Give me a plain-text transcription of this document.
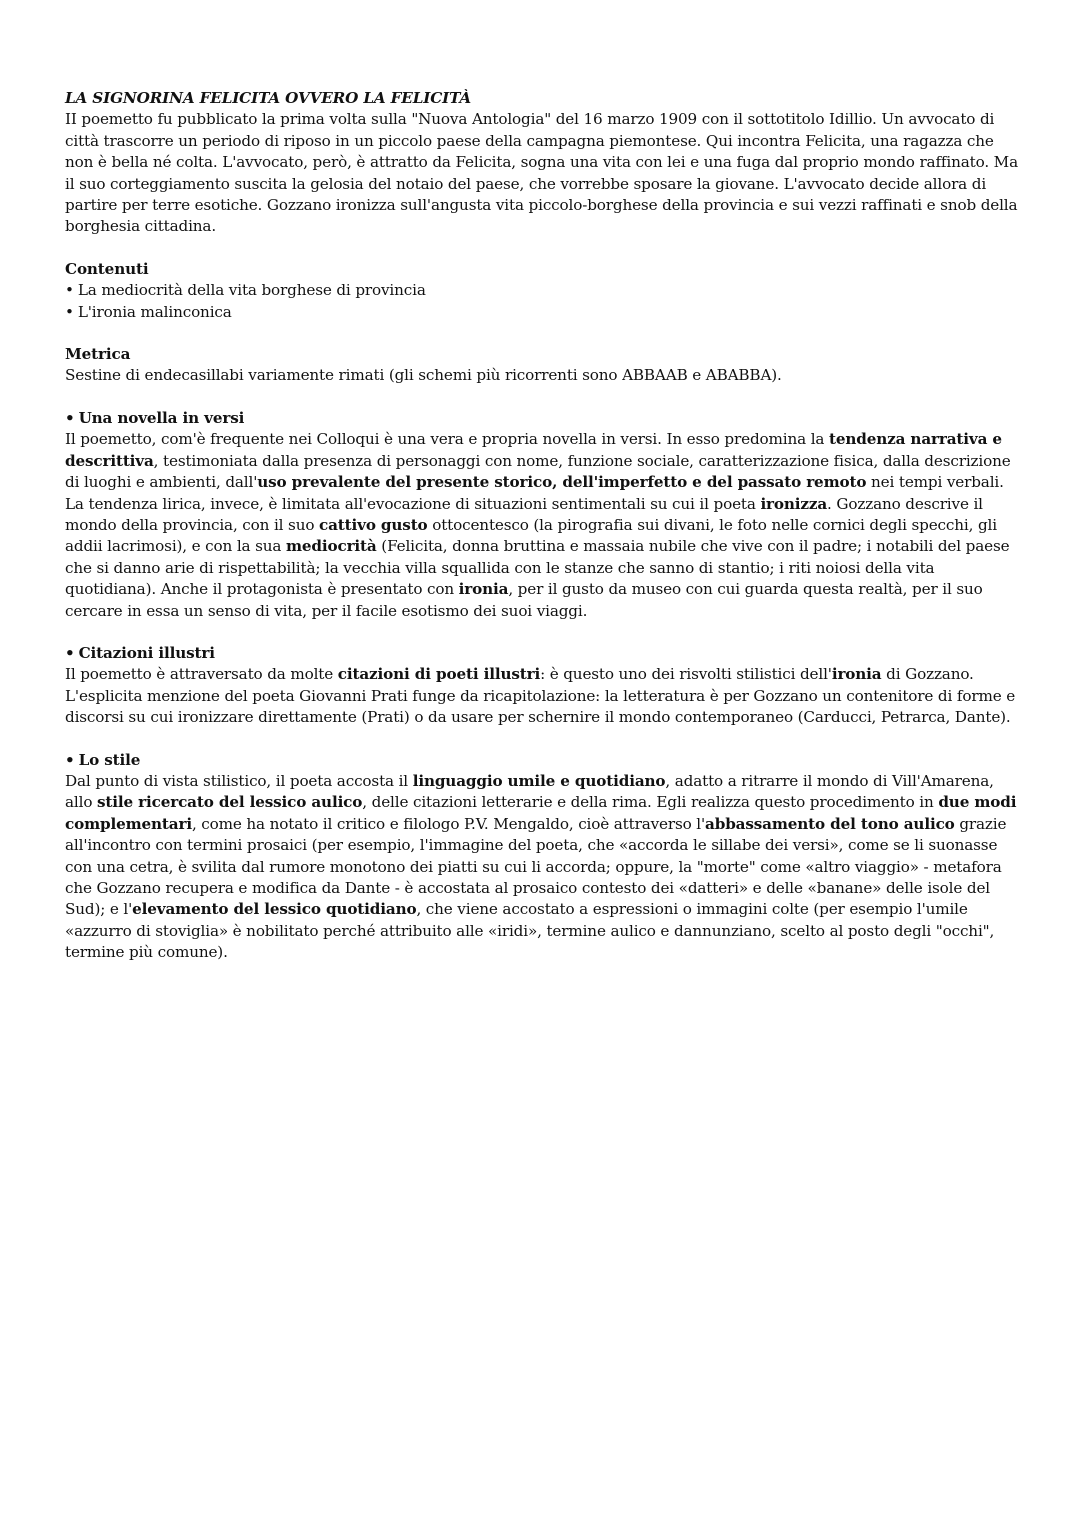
LA SIGNORINA FELICITA OVVERO LA FELICITÀ

II poemetto fu pubblicato la prima volta sulla "Nuova Antologia" del 16 marzo 1909 con il sottotitolo Idillio. Un avvocato di città trascorre un periodo di riposo in un piccolo paese della campagna piemontese. Qui incontra Felicita, una ragazza che non è bella né colta. L'avvocato, però, è attratto da Felicita, sogna una vita con lei e una fuga dal proprio mondo raffinato. Ma il suo corteggiamento suscita la gelosia del notaio del paese, che vorrebbe sposare la giovane. L'avvocato decide allora di partire per terre esotiche. Gozzano ironizza sull'angusta vita piccolo-borghese della provincia e sui vezzi raffinati e snob della borghesia cittadina.

Contenuti

• La mediocrità della vita borghese di provincia
• L'ironia malinconica

Metrica

Sestine di endecasillabi variamente rimati (gli schemi più ricorrenti sono ABBAAB e ABABBA).

• Una novella in versi

Il poemetto, com'è frequente nei Colloqui è una vera e propria novella in versi. In esso predomina la tendenza narrativa e descrittiva, testimoniata dalla presenza di personaggi con nome, funzione sociale, caratterizzazione fisica, dalla descrizione di luoghi e ambienti, dall'uso prevalente del presente storico, dell'imperfetto e del passato remoto nei tempi verbali. La tendenza lirica, invece, è limitata all'evocazione di situazioni sentimentali su cui il poeta ironizza. Gozzano descrive il mondo della provincia, con il suo cattivo gusto ottocentesco (la pirografia sui divani, le foto nelle cornici degli specchi, gli addii lacrimosi), e con la sua mediocrità (Felicita, donna bruttina e massaia nubile che vive con il padre; i notabili del paese che si danno arie di rispettabilità; la vecchia villa squallida con le stanze che sanno di stantio; i riti noiosi della vita quotidiana). Anche il protagonista è presentato con ironia, per il gusto da museo con cui guarda questa realtà, per il suo cercare in essa un senso di vita, per il facile esotismo dei suoi viaggi.

• Citazioni illustri

Il poemetto è attraversato da molte citazioni di poeti illustri: è questo uno dei risvolti stilistici dell'ironia di Gozzano. L'esplicita menzione del poeta Giovanni Prati funge da ricapitolazione: la letteratura è per Gozzano un contenitore di forme e discorsi su cui ironizzare direttamente (Prati) o da usare per schernire il mondo contemporaneo (Carducci, Petrarca, Dante).

• Lo stile

Dal punto di vista stilistico, il poeta accosta il linguaggio umile e quotidiano, adatto a ritrarre il mondo di Vill'Amarena, allo stile ricercato del lessico aulico, delle citazioni letterarie e della rima. Egli realizza questo procedimento in due modi complementari, come ha notato il critico e filologo P.V. Mengaldo, cioè attraverso l'abbassamento del tono aulico grazie all'incontro con termini prosaici (per esempio, l'immagine del poeta, che «accorda le sillabe dei versi», come se li suonasse con una cetra, è svilita dal rumore monotono dei piatti su cui li accorda; oppure, la "morte" come «altro viaggio» - metafora che Gozzano recupera e modifica da Dante - è accostata al prosaico contesto dei «datteri» e delle «banane» delle isole del Sud); e l'elevamento del lessico quotidiano, che viene accostato a espressioni o immagini colte (per esempio l'umile «azzurro di stoviglia» è nobilitato perché attribuito alle «iridi», termine aulico e dannunziano, scelto al posto degli "occhi", termine più comune).
